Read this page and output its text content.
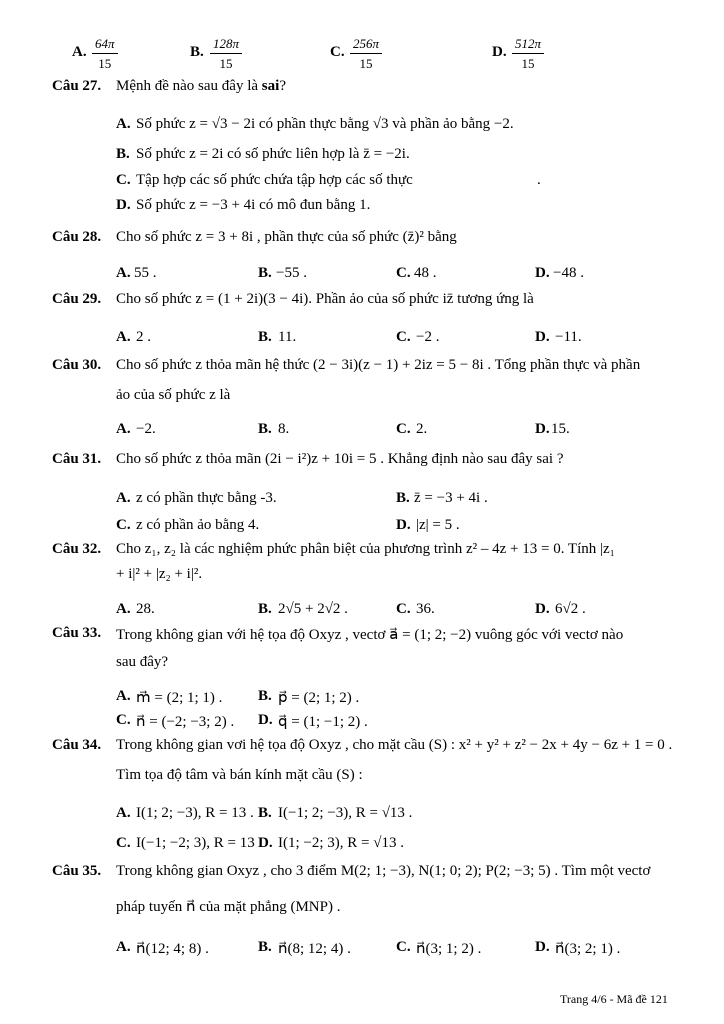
A. $\frac{64\pi}{15}$	B. $\frac{128\pi}{15}$	C. $\frac{256\pi}{15}$	D. $\frac{512\pi}{15}$
Câu 27. Mệnh đề nào sau đây là sai?
A. Số phức z = √3 − 2i có phần thực bằng √3 và phần ảo bằng −2.
B. Số phức z = 2i có số phức liên hợp là z̄ = −2i.
C. Tập hợp các số phức chứa tập hợp các số thực	.
D. Số phức z = −3 + 4i có mô đun bằng 1.
Câu 28. Cho số phức z = 3 + 8i , phần thực của số phức (z̄)² bằng
A. 55 .	B. −55 .	C. 48 .	D. −48 .
Câu 29. Cho số phức z = (1 + 2i)(3 − 4i). Phần ảo của số phức iz̄ tương ứng là
A. 2 .	B. 11.	C. −2 .	D. −11.
Câu 30. Cho số phức z thỏa mãn hệ thức (2 − 3i)(z − 1) + 2iz = 5 − 8i . Tổng phần thực và phần
ảo của số phức z là
A. −2.	B. 8.	C. 2.	D. 15.
Câu 31. Cho số phức z thỏa mãn (2i − i²)z + 10i = 5 . Khẳng định nào sau đây sai ?
A. z có phần thực bằng -3.	B. z̄ = −3 + 4i .
C. z có phần ảo bằng 4.	D. |z| = 5 .
Câu 32. Cho z₁, z₂ là các nghiệm phức phân biệt của phương trình z² – 4z + 13 = 0. Tính |z₁
+ i|² + |z₂ + i|².
A. 28.	B. 2√5 + 2√2 .	C. 36.	D. 6√2 .
Câu 33. Trong không gian với hệ tọa độ Oxyz , vectơ a⃗ = (1; 2; −2) vuông góc với vectơ nào
sau đây?
A. m⃗ = (2; 1; 1) . B. p⃗ = (2; 1; 2) .
C. n⃗ = (−2; −3; 2) . D. q⃗ = (1; −1; 2) .
Câu 34. Trong không gian vơi hệ tọa độ Oxyz , cho mặt cầu (S) : x² + y² + z² − 2x + 4y − 6z + 1 = 0 .
Tìm tọa độ tâm và bán kính mặt cầu (S) :
A. I(1; 2; −3), R = 13 . B. I(−1; 2; −3), R = √13 .
C. I(−1; −2; 3), R = 13 .
D. I(1; −2; 3), R = √13 .
Câu 35. Trong không gian Oxyz , cho 3 điểm M(2; 1; −3), N(1; 0; 2); P(2; −3; 5) . Tìm một vectơ
pháp tuyến n⃗ của mặt phẳng (MNP) .
A. n⃗(12; 4; 8) .	B. n⃗(8; 12; 4) .	C. n⃗(3; 1; 2) .	D. n⃗(3; 2; 1) .
Trang 4/6 - Mã đề 121
